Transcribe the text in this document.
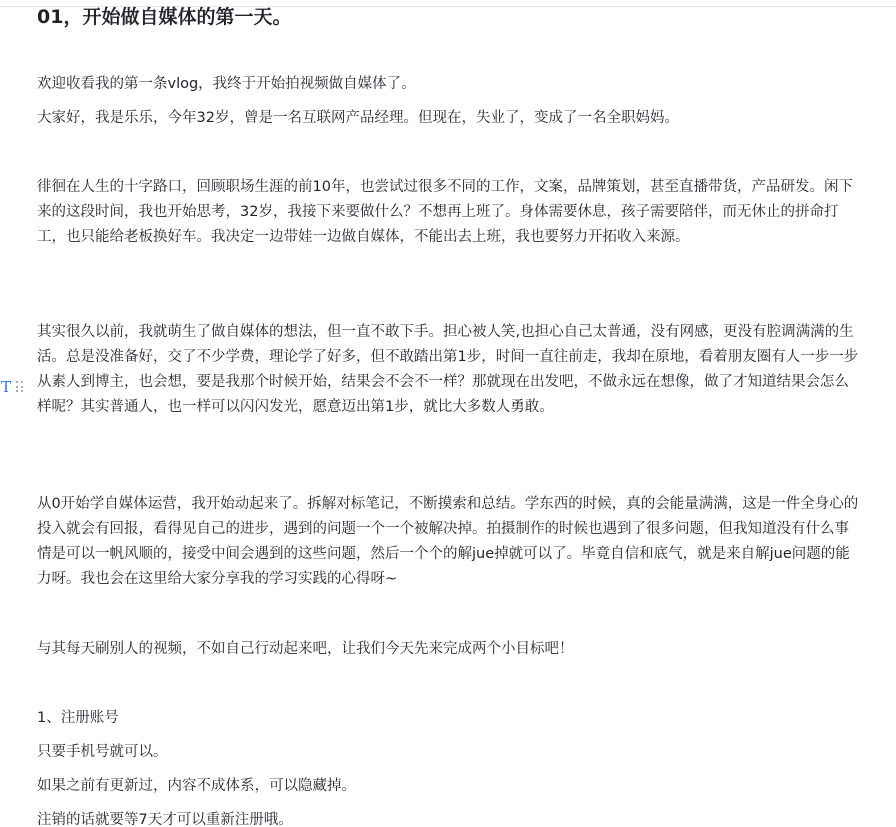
T
01，开始做自媒体的第一天。
欢迎收看我的第一条vlog，我终于开始拍视频做自媒体了。
大家好，我是乐乐，今年32岁，曾是一名互联网产品经理。但现在，失业了，变成了一名全职妈妈。
徘徊在人生的十字路口，回顾职场生涯的前10年，也尝试过很多不同的工作，文案，品牌策划，甚至直播带货，产品研发。闲下来的这段时间，我也开始思考，32岁，我接下来要做什么？不想再上班了。身体需要休息，孩子需要陪伴，而无休止的拼命打工，也只能给老板换好车。我决定一边带娃一边做自媒体，不能出去上班，我也要努力开拓收入来源。
其实很久以前，我就萌生了做自媒体的想法，但一直不敢下手。担心被人笑,也担心自己太普通，没有网感，更没有腔调满满的生活。总是没准备好，交了不少学费，理论学了好多，但不敢踏出第1步，时间一直往前走，我却在原地，看着朋友圈有人一步一步从素人到博主，也会想，要是我那个时候开始，结果会不会不一样？那就现在出发吧，不做永远在想像，做了才知道结果会怎么样呢？其实普通人，也一样可以闪闪发光，愿意迈出第1步，就比大多数人勇敢。
从0开始学自媒体运营，我开始动起来了。拆解对标笔记，不断摸索和总结。学东西的时候，真的会能量满满，这是一件全身心的投入就会有回报，看得见自己的进步，遇到的问题一个一个被解决掉。拍摄制作的时候也遇到了很多问题，但我知道没有什么事情是可以一帆风顺的，接受中间会遇到的这些问题，然后一个个的解jue掉就可以了。毕竟自信和底气，就是来自解jue问题的能力呀。我也会在这里给大家分享我的学习实践的心得呀~
与其每天刷别人的视频，不如自己行动起来吧，让我们今天先来完成两个小目标吧！
1、注册账号
只要手机号就可以。
如果之前有更新过，内容不成体系，可以隐藏掉。
注销的话就要等7天才可以重新注册哦。
